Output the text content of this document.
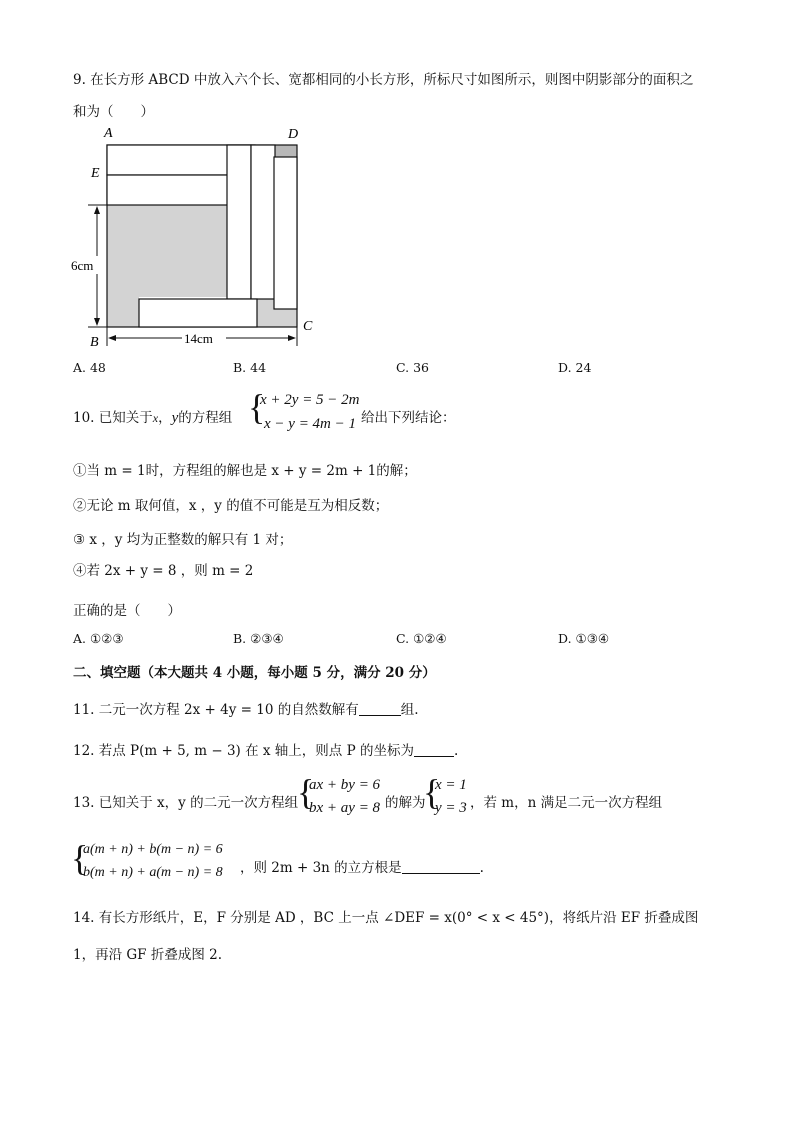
9. 在长方形 ABCD 中放入六个长、宽都相同的小长方形，所标尺寸如图所示，则图中阴影部分的面积之
和为（　　）
A	D
E
C
B
6cm
14cm
A. 48	B. 44	C. 36	D. 24
10. 已知关于x，y的方程组 {
x + 2y = 5 − 2m
x − y = 4m − 1 给出下列结论：
①当 m = 1时，方程组的解也是 x + y = 2m + 1的解；
②无论 m 取何值，x ，y 的值不可能是互为相反数；
③ x ，y 均为正整数的解只有 1 对；
④若 2x + y = 8 ，则 m = 2
正确的是（　　）
A. ①②③	B. ②③④	C. ①②④	D. ①③④
二、填空题（本大题共 4 小题，每小题 5 分，满分 20 分）
11. 二元一次方程 2x + 4y = 10 的自然数解有	组.
12. 若点 P(m + 5, m − 3) 在 x 轴上，则点 P 的坐标为	.
13. 已知关于 x，y 的二元一次方程组
{
ax + by = 6
bx + ay = 8 的解为
{
x = 1
y = 3 ，若 m，n 满足二元一次方程组
{
a(m + n) + b(m − n) = 6
b(m + n) + a(m − n) = 8 ，则 2m + 3n 的立方根是	.
14. 有长方形纸片，E，F 分别是 AD ，BC 上一点 ∠DEF = x(0° < x < 45°)，将纸片沿 EF 折叠成图
1，再沿 GF 折叠成图 2.
